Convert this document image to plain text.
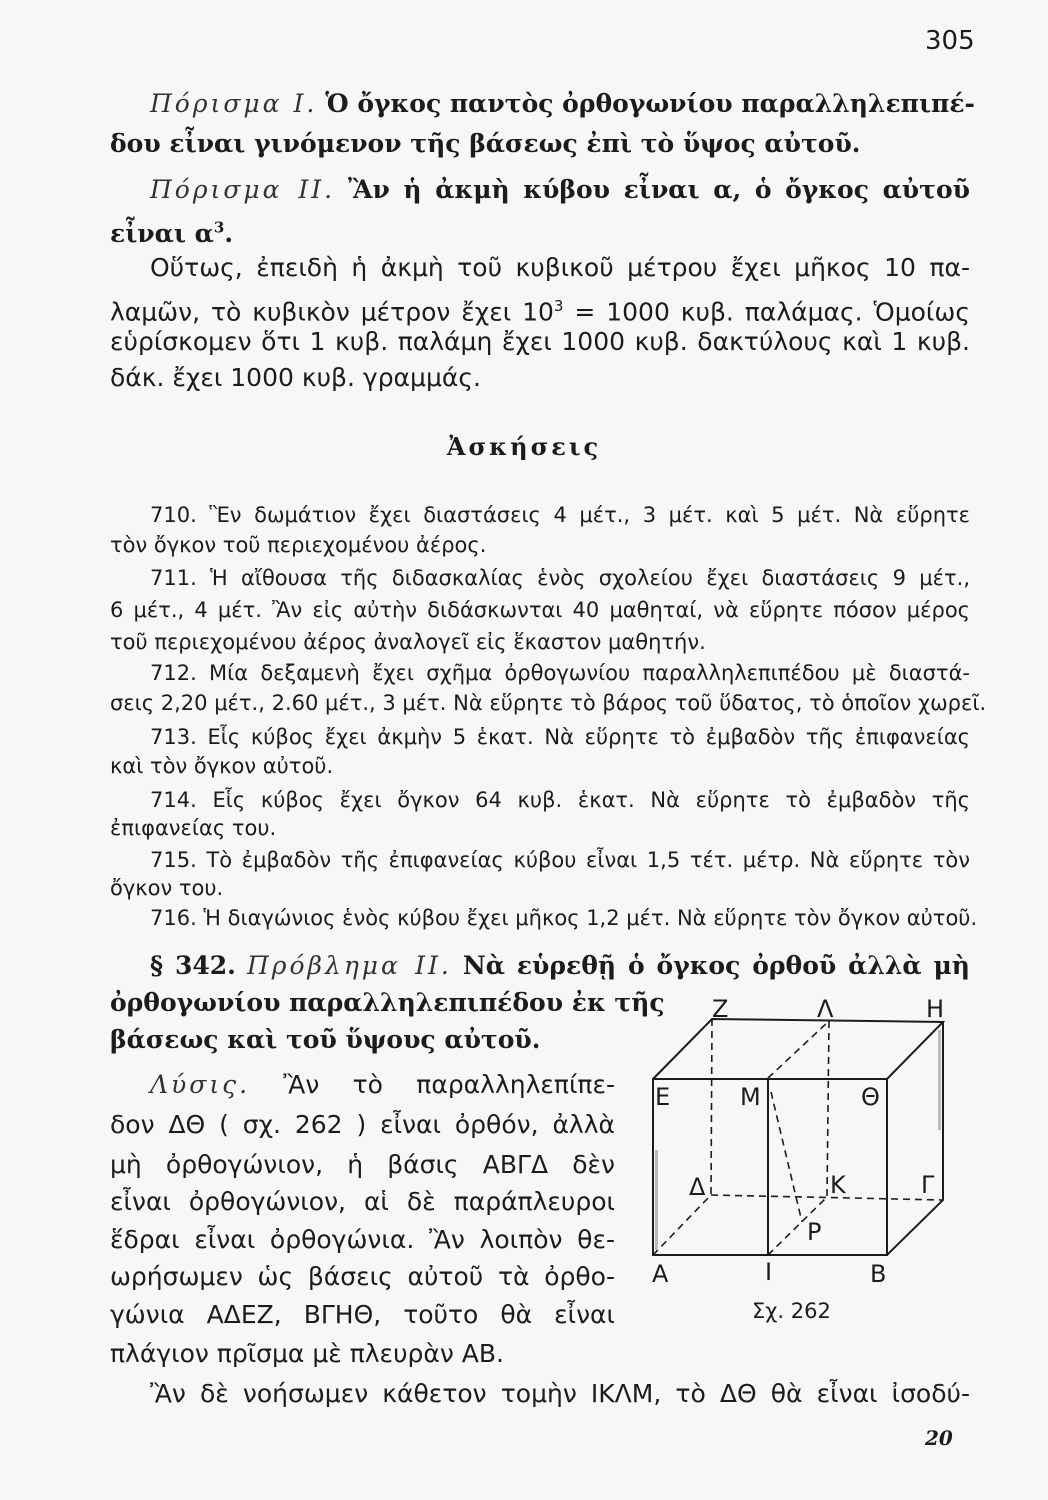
305
Πόρισμα I. Ὁ ὄγκος παντὸς ὀρθογωνίου παραλληλεπιπέ-
δου εἶναι γινόμενον τῆς βάσεως ἐπὶ τὸ ὕψος αὐτοῦ.
Πόρισμα II. Ἂν ἡ ἀκμὴ κύβου εἶναι α, ὁ ὄγκος αὐτοῦ
εἶναι $\alpha^3$.
Οὕτως, ἐπειδὴ ἡ ἀκμὴ τοῦ κυβικοῦ μέτρου ἔχει μῆκος 10 πα-
λαμῶν, τὸ κυβικὸν μέτρον ἔχει $10^3 = 1000$ κυβ. παλάμας. Ὁμοίως
εὑρίσκομεν ὅτι 1 κυβ. παλάμη ἔχει 1000 κυβ. δακτύλους καὶ 1 κυβ.
δάκ. ἔχει 1000 κυβ. γραμμάς.
Ἀσκήσεις
710. Ἓν δωμάτιον ἔχει διαστάσεις 4 μέτ., 3 μέτ. καὶ 5 μέτ. Νὰ εὕρητε
τὸν ὄγκον τοῦ περιεχομένου ἀέρος.
711. Ἡ αἴθουσα τῆς διδασκαλίας ἑνὸς σχολείου ἔχει διαστάσεις 9 μέτ.,
6 μέτ., 4 μέτ. Ἂν εἰς αὐτὴν διδάσκωνται 40 μαθηταί, νὰ εὕρητε πόσον μέρος
τοῦ περιεχομένου ἀέρος ἀναλογεῖ εἰς ἕκαστον μαθητήν.
712. Μία δεξαμενὴ ἔχει σχῆμα ὀρθογωνίου παραλληλεπιπέδου μὲ διαστά-
σεις 2,20 μέτ., 2.60 μέτ., 3 μέτ. Νὰ εὕρητε τὸ βάρος τοῦ ὕδατος, τὸ ὁποῖον χωρεῖ.
713. Εἷς κύβος ἔχει ἀκμὴν 5 ἑκατ. Νὰ εὕρητε τὸ ἐμβαδὸν τῆς ἐπιφανείας
καὶ τὸν ὄγκον αὐτοῦ.
714. Εἷς κύβος ἔχει ὄγκον 64 κυβ. ἑκατ. Νὰ εὕρητε τὸ ἐμβαδὸν τῆς
ἐπιφανείας του.
715. Τὸ ἐμβαδὸν τῆς ἐπιφανείας κύβου εἶναι 1,5 τέτ. μέτρ. Νὰ εὕρητε τὸν
ὄγκον του.
716. Ἡ διαγώνιος ἑνὸς κύβου ἔχει μῆκος 1,2 μέτ. Νὰ εὕρητε τὸν ὄγκον αὐτοῦ.
§ 342. Πρόβλημα II. Νὰ εὑρεθῇ ὁ ὄγκος ὀρθοῦ ἀλλὰ μὴ
ὀρθογωνίου παραλληλεπιπέδου ἐκ τῆς
βάσεως καὶ τοῦ ὕψους αὐτοῦ.
Λύσις. Ἂν τὸ παραλληλεπίπε-
δον ΔΘ ( σχ. 262 ) εἶναι ὀρθόν, ἀλλὰ
μὴ ὀρθογώνιον, ἡ βάσις ΑΒΓΔ δὲν
εἶναι ὀρθογώνιον, αἱ δὲ παράπλευροι
ἕδραι εἶναι ὀρθογώνια. Ἂν λοιπὸν θε-
ωρήσωμεν ὡς βάσεις αὐτοῦ τὰ ὀρθο-
γώνια ΑΔΕΖ, ΒΓΗΘ, τοῦτο θὰ εἶναι
πλάγιον πρῖσμα μὲ πλευρὰν ΑΒ.
Ἂν δὲ νοήσωμεν κάθετον τομὴν ΙΚΛΜ, τὸ ΔΘ θὰ εἶναι ἰσοδύ-
Ζ	Λ	Η
Ε	Μ	Θ
Δ	Κ	Γ
Ρ
Α	Ι	Β
Σχ. 262
20
